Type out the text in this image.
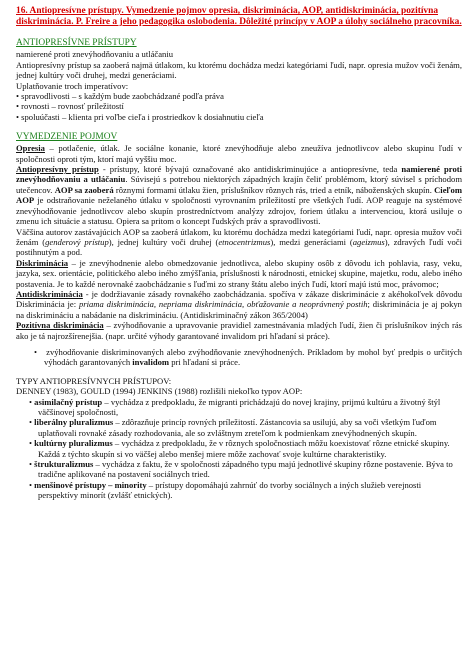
16. Antiopresívne prístupy. Vymedzenie pojmov opresia, diskriminácia, AOP, antidiskriminácia, pozitívna diskriminácia. P. Freire a jeho pedagogika oslobodenia. Dôležité princípy v AOP a úlohy sociálneho pracovníka.
ANTIOPRESÍVNE PRÍSTUPY

namierené proti znevýhodňovaniu a utláčaniu

Antiopresívny prístup sa zaoberá najmä útlakom, ku ktorému dochádza medzi kategóriami ľudí, napr. opresia mužov voči ženám, jednej kultúry voči druhej, medzi generáciami.

Uplatňovanie troch imperatívov:

• spravodlivosti – s každým bude zaobchádzané podľa práva
• rovnosti – rovnosť príležitostí
• spoluúčasti – klienta pri voľbe cieľa i prostriedkov k dosiahnutiu cieľa
VYMEDZENIE POJMOV

Opresia – potlačenie, útlak. Je sociálne konanie, ktoré znevýhodňuje alebo zneužíva jednotlivcov alebo skupinu ľudí v spoločnosti oproti tým, ktorí majú vyššiu moc.

Antiopresívny prístup - prístupy, ktoré bývajú označované ako antidiskriminujúce a antiopresívne, teda namierené proti znevýhodňovaniu a utláčaniu. Súvisejú s potrebou niektorých západných krajín čeliť problémom, ktorý súvisel s príchodom utečencov. AOP sa zaoberá rôznymi formami útlaku žien, príslušníkov rôznych rás, tried a etník, náboženských skupín. Cieľom AOP je odstraňovanie neželaného útlaku v spoločnosti vyrovnaním príležitostí pre všetkých ľudí. AOP reaguje na systémové znevýhodňovanie jednotlivcov alebo skupín prostredníctvom analýzy zdrojov, foriem útlaku a intervenciou, ktorá usiluje o zmenu ich situácie a statusu. Opiera sa pritom o koncept ľudských práv a spravodlivosti.

Väčšina autorov zastávajúcich AOP sa zaoberá útlakom, ku ktorému dochádza medzi kategóriami ľudí, napr. opresia mužov voči ženám (genderový prístup), jednej kultúry voči druhej (etnocentrizmus), medzi generáciami (ageizmus), zdravých ľudí voči postihnutým a pod.

Diskriminácia – je znevýhodnenie alebo obmedzovanie jednotlivca, alebo skupiny osôb z dôvodu ich pohlavia, rasy, veku, jazyka, sex. orientácie, politického alebo iného zmýšľania, príslušnosti k národnosti, etnickej skupine, majetku, rodu, alebo iného postavenia. Je to každé nerovnaké zaobchádzanie s ľuďmi zo strany štátu alebo iných ľudí, ktorí majú istú moc, právomoc;

Antidiskriminácia - je dodržiavanie zásady rovnakého zaobchádzania. spočíva v zákaze diskriminácie z akéhokoľvek dôvodu Diskriminácia je: priama diskriminácia, nepriama diskriminácia, obťažovanie a neoprávnený postih; diskriminácia je aj pokyn na diskrimináciu a nabádanie na diskrimináciu. (Antidiskriminačný zákon 365/2004)

Pozitívna diskriminácia – zvýhodňovanie a upravovanie pravidiel zamestnávania mladých ľudí, žien či príslušníkov iných rás ako je tá najrozšírenejšia. (napr. určité výhody garantované invalidom pri hľadaní si práce).

•   zvýhodňovanie diskriminovaných alebo zvýhodňovanie znevýhodnených. Príkladom by mohol byť predpis o určitých výhodách garantovaných invalidom pri hľadaní si práce.

TYPY ANTIOPRESÍVNYCH PRÍSTUPOV:

DENNEY (1983), GOULD (1994) JENKINS (1988) rozlišili niekoľko typov AOP:

• asimilačný prístup – vychádza z predpokladu, že migranti prichádzajú do novej krajiny, prijmú kultúru a životný štýl väčšinovej spoločnosti,
• liberálny pluralizmus – zdôrazňuje princíp rovných príležitostí. Zástancovia sa usilujú, aby sa voči všetkým ľuďom uplatňovali rovnaké zásady rozhodovania, ale so zvláštnym zreteľom k podmienkam znevýhodnených skupín.
• kultúrny pluralizmus – vychádza z predpokladu, že v rôznych spoločnostiach môžu koexistovať rôzne etnické skupiny. Každá z týchto skupín si vo väčšej alebo menšej miere môže zachovať svoje kultúrne charakteristiky.
• štrukturalizmus – vychádza z faktu, že v spoločnosti západného typu majú jednotlivé skupiny rôzne postavenie. Býva to tradične aplikované na postavení sociálnych tried.
• menšinové prístupy – minority – prístupy dopomáhajú zahrnúť do tvorby sociálnych a iných služieb verejnosti perspektívy minorít (zvlášť etnických).
